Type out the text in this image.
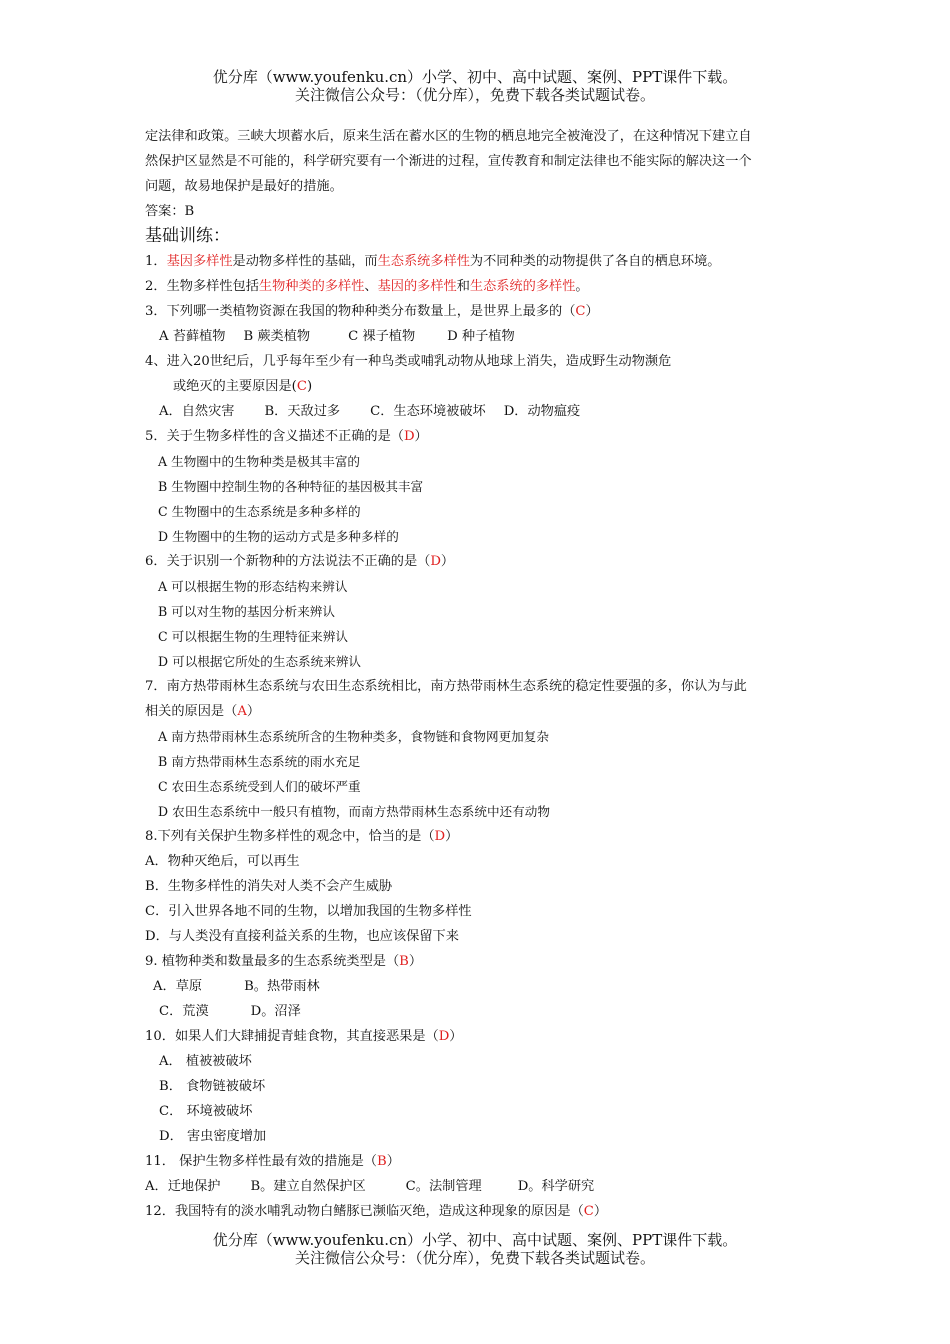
优分库（www.youfenku.cn）小学、初中、高中试题、案例、PPT课件下载。
关注微信公众号：（优分库），免费下载各类试题试卷。
定法律和政策。三峡大坝蓄水后，原来生活在蓄水区的生物的栖息地完全被淹没了，在这种情况下建立自
然保护区显然是不可能的，科学研究要有一个渐进的过程，宣传教育和制定法律也不能实际的解决这一个
问题，故易地保护是最好的措施。
答案：B
基础训练：
1．基因多样性是动物多样性的基础，而生态系统多样性为不同种类的动物提供了各自的栖息环境。
2．生物多样性包括生物种类的多样性、基因的多样性和生态系统的多样性。
3．下列哪一类植物资源在我国的物种种类分布数量上，是世界上最多的（C）
A 苔藓植物 B 蕨类植物	C 裸子植物 D 种子植物
4、进入20世纪后，几乎每年至少有一种鸟类或哺乳动物从地球上消失，造成野生动物濒危
或绝灭的主要原因是(C)
A．自然灾害 B．天敌过多 C．生态环境被破坏 D．动物瘟疫
5．关于生物多样性的含义描述不正确的是（D）
A 生物圈中的生物种类是极其丰富的
B 生物圈中控制生物的各种特征的基因极其丰富
C 生物圈中的生态系统是多种多样的
D 生物圈中的生物的运动方式是多种多样的
6．关于识别一个新物种的方法说法不正确的是（D）
A 可以根据生物的形态结构来辨认
B 可以对生物的基因分析来辨认
C 可以根据生物的生理特征来辨认
D 可以根据它所处的生态系统来辨认
7．南方热带雨林生态系统与农田生态系统相比，南方热带雨林生态系统的稳定性要强的多，你认为与此
相关的原因是（A）
A 南方热带雨林生态系统所含的生物种类多，食物链和食物网更加复杂
B 南方热带雨林生态系统的雨水充足
C 农田生态系统受到人们的破坏严重
D 农田生态系统中一般只有植物，而南方热带雨林生态系统中还有动物
8.下列有关保护生物多样性的观念中，恰当的是（D）
A．物种灭绝后，可以再生
B．生物多样性的消失对人类不会产生威胁
C．引入世界各地不同的生物，以增加我国的生物多样性
D．与人类没有直接利益关系的生物，也应该保留下来
9. 植物种类和数量最多的生态系统类型是（B）
A．草原	B。热带雨林
C．荒漠	D。沼泽
10．如果人们大肆捕捉青蛙食物，其直接恶果是（D）
A． 植被被破坏
B． 食物链被破坏
C． 环境被破坏
D． 害虫密度增加
11． 保护生物多样性最有效的措施是（B）
A．迁地保护 B。建立自然保护区	C。法制管理	D。科学研究
12．我国特有的淡水哺乳动物白鳍豚已濒临灭绝，造成这种现象的原因是（C）
优分库（www.youfenku.cn）小学、初中、高中试题、案例、PPT课件下载。
关注微信公众号：（优分库），免费下载各类试题试卷。
